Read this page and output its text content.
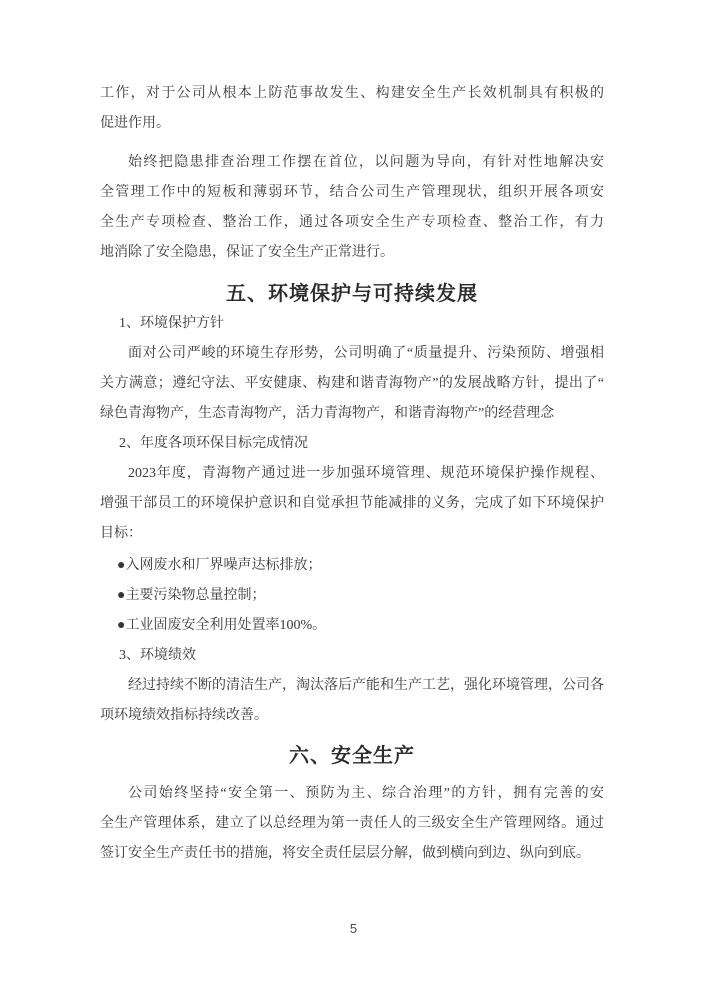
工作，对于公司从根本上防范事故发生、构建安全生产长效机制具有积极的
促进作用。
始终把隐患排查治理工作摆在首位，以问题为导向，有针对性地解决安
全管理工作中的短板和薄弱环节，结合公司生产管理现状，组织开展各项安
全生产专项检查、整治工作，通过各项安全生产专项检查、整治工作，有力
地消除了安全隐患，保证了安全生产正常进行。
五、环境保护与可持续发展
1、环境保护方针
面对公司严峻的环境生存形势，公司明确了“质量提升、污染预防、增强相
关方满意；遵纪守法、平安健康、构建和谐青海物产”的发展战略方针，提出了“
绿色青海物产，生态青海物产，活力青海物产，和谐青海物产”的经营理念
2、年度各项环保目标完成情况
2023年度，青海物产通过进一步加强环境管理、规范环境保护操作规程、
增强干部员工的环境保护意识和自觉承担节能减排的义务，完成了如下环境保护
目标：
●入网废水和厂界噪声达标排放；
●主要污染物总量控制；
●工业固废安全利用处置率100%。
3、环境绩效
经过持续不断的清洁生产，淘汰落后产能和生产工艺，强化环境管理，公司各
项环境绩效指标持续改善。
六、安全生产
公司始终坚持“安全第一、预防为主、综合治理”的方针，拥有完善的安
全生产管理体系，建立了以总经理为第一责任人的三级安全生产管理网络。通过
签订安全生产责任书的措施，将安全责任层层分解，做到横向到边、纵向到底。
5
